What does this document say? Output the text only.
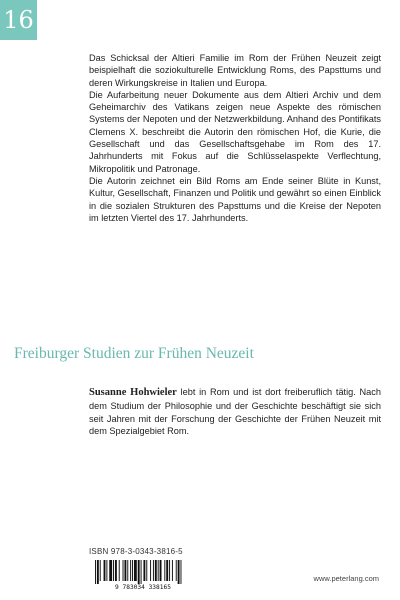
16

Das Schicksal der Altieri Familie im Rom der Frühen Neuzeit zeigt beispielhaft die soziokulturelle Entwicklung Roms, des Papsttums und deren Wirkungskreise in Italien und Europa.

Die Aufarbeitung neuer Dokumente aus dem Altieri Archiv und dem Geheimarchiv des Vatikans zeigen neue Aspekte des römischen Systems der Nepoten und der Netzwerkbildung. Anhand des Pontifikats Clemens X. beschreibt die Autorin den römischen Hof, die Kurie, die Gesellschaft und das Gesellschaftsgehabe im Rom des 17. Jahrhunderts mit Fokus auf die Schlüsselaspekte Verflechtung, Mikropolitik und Patronage.

Die Autorin zeichnet ein Bild Roms am Ende seiner Blüte in Kunst, Kultur, Gesellschaft, Finanzen und Politik und gewährt so einen Einblick in die sozialen Strukturen des Papsttums und die Kreise der Nepoten im letzten Viertel des 17. Jahrhunderts.

Freiburger Studien zur Frühen Neuzeit

Susanne Hohwieler lebt in Rom und ist dort freiberuflich tätig. Nach dem Studium der Philosophie und der Geschichte beschäftigt sie sich seit Jahren mit der Forschung der Geschichte der Frühen Neuzeit mit dem Spezialgebiet Rom.

ISBN 978-3-0343-3816-5
9 783034 338165
www.peterlang.com
